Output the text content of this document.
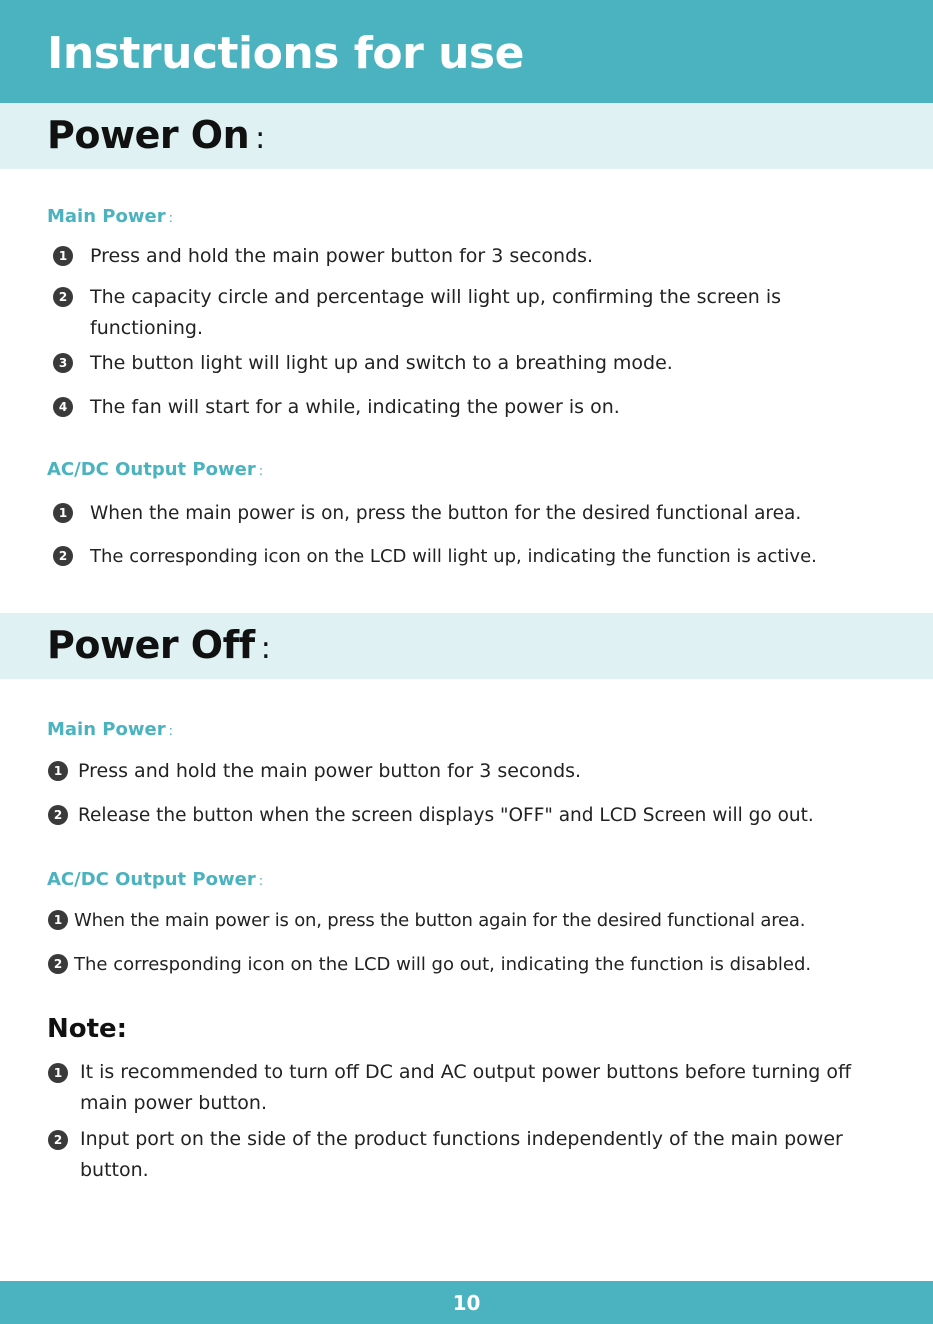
Instructions for use
Power On :

Main Power :

1	Press and hold the main power button for 3 seconds.
2	The capacity circle and percentage will light up, confirming the screen is functioning.
3	The button light will light up and switch to a breathing mode.
4	The fan will start for a while, indicating the power is on.

AC/DC Output Power :

1	When the main power is on, press the button for the desired functional area.
2	The corresponding icon on the LCD will light up, indicating the function is active.
Power Off :

Main Power :

1 Press and hold the main power button for 3 seconds.
2 Release the button when the screen displays "OFF" and LCD Screen will go out.

AC/DC Output Power :

1 When the main power is on, press the button again for the desired functional area.
2 The corresponding icon on the LCD will go out, indicating the function is disabled.

Note:

1 It is recommended to turn off DC and AC output power buttons before turning off main power button.
2 Input port on the side of the product functions independently of the main power button.
10
